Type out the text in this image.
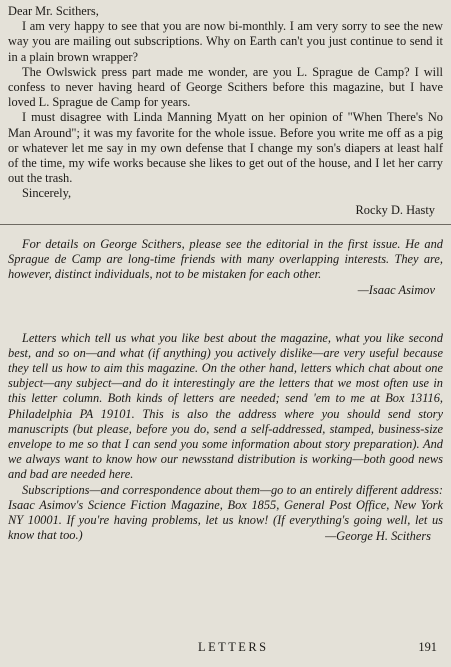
Dear Mr. Scithers,

I am very happy to see that you are now bi-monthly. I am very sorry to see the new way you are mailing out subscriptions. Why on Earth can't you just continue to send it in a plain brown wrapper?

The Owlswick press part made me wonder, are you L. Sprague de Camp? I will confess to never having heard of George Scithers before this magazine, but I have loved L. Sprague de Camp for years.

I must disagree with Linda Manning Myatt on her opinion of "When There's No Man Around"; it was my favorite for the whole issue. Before you write me off as a pig or whatever let me say in my own defense that I change my son's diapers at least half of the time, my wife works because she likes to get out of the house, and I let her carry out the trash.

Sincerely,

Rocky D. Hasty

For details on George Scithers, please see the editorial in the first issue. He and Sprague de Camp are long-time friends with many overlapping interests. They are, however, distinct individuals, not to be mistaken for each other.

—Isaac Asimov

Letters which tell us what you like best about the magazine, what you like second best, and so on—and what (if anything) you actively dislike—are very useful because they tell us how to aim this magazine. On the other hand, letters which chat about one subject—any subject—and do it interestingly are the letters that we most often use in this letter column. Both kinds of letters are needed; send 'em to me at Box 13116, Philadelphia PA 19101. This is also the address where you should send story manuscripts (but please, before you do, send a self-addressed, stamped, business-size envelope to me so that I can send you some information about story preparation). And we always want to know how our newsstand distribution is working—both good news and bad are needed here.

Subscriptions—and correspondence about them—go to an entirely different address: Isaac Asimov's Science Fiction Magazine, Box 1855, General Post Office, New York NY 10001. If you're having problems, let us know! (If everything's going well, let us know that too.)	—George H. Scithers

LETTERS	191
